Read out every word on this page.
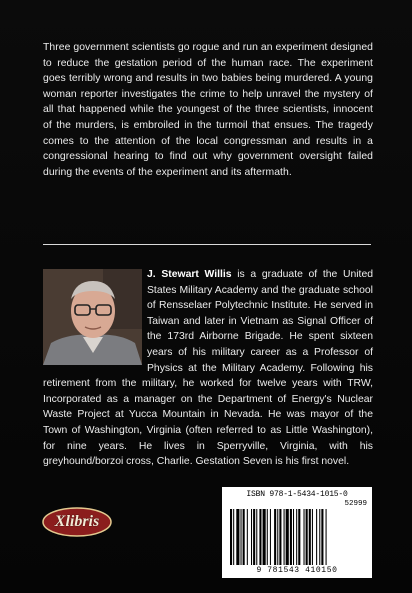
Three government scientists go rogue and run an experiment designed to reduce the gestation period of the human race. The experiment goes terribly wrong and results in two babies being murdered. A young woman reporter investigates the crime to help unravel the mystery of all that happened while the youngest of the three scientists, innocent of the murders, is embroiled in the turmoil that ensues. The tragedy comes to the attention of the local congressman and results in a congressional hearing to find out why government oversight failed during the events of the experiment and its aftermath.

J. Stewart Willis is a graduate of the United States Military Academy and the graduate school of Rensselaer Polytechnic Institute. He served in Taiwan and later in Vietnam as Signal Officer of the 173rd Airborne Brigade. He spent sixteen years of his military career as a Professor of Physics at the Military Academy. Following his retirement from the military, he worked for twelve years with TRW, Incorporated as a manager on the Department of Energy's Nuclear Waste Project at Yucca Mountain in Nevada. He was mayor of the Town of Washington, Virginia (often referred to as Little Washington), for nine years. He lives in Sperryville, Virginia, with his greyhound/borzoi cross, Charlie. Gestation Seven is his first novel.
Xlibris
ISBN 978-1-5434-1015-0
52999
9 781543 410150
